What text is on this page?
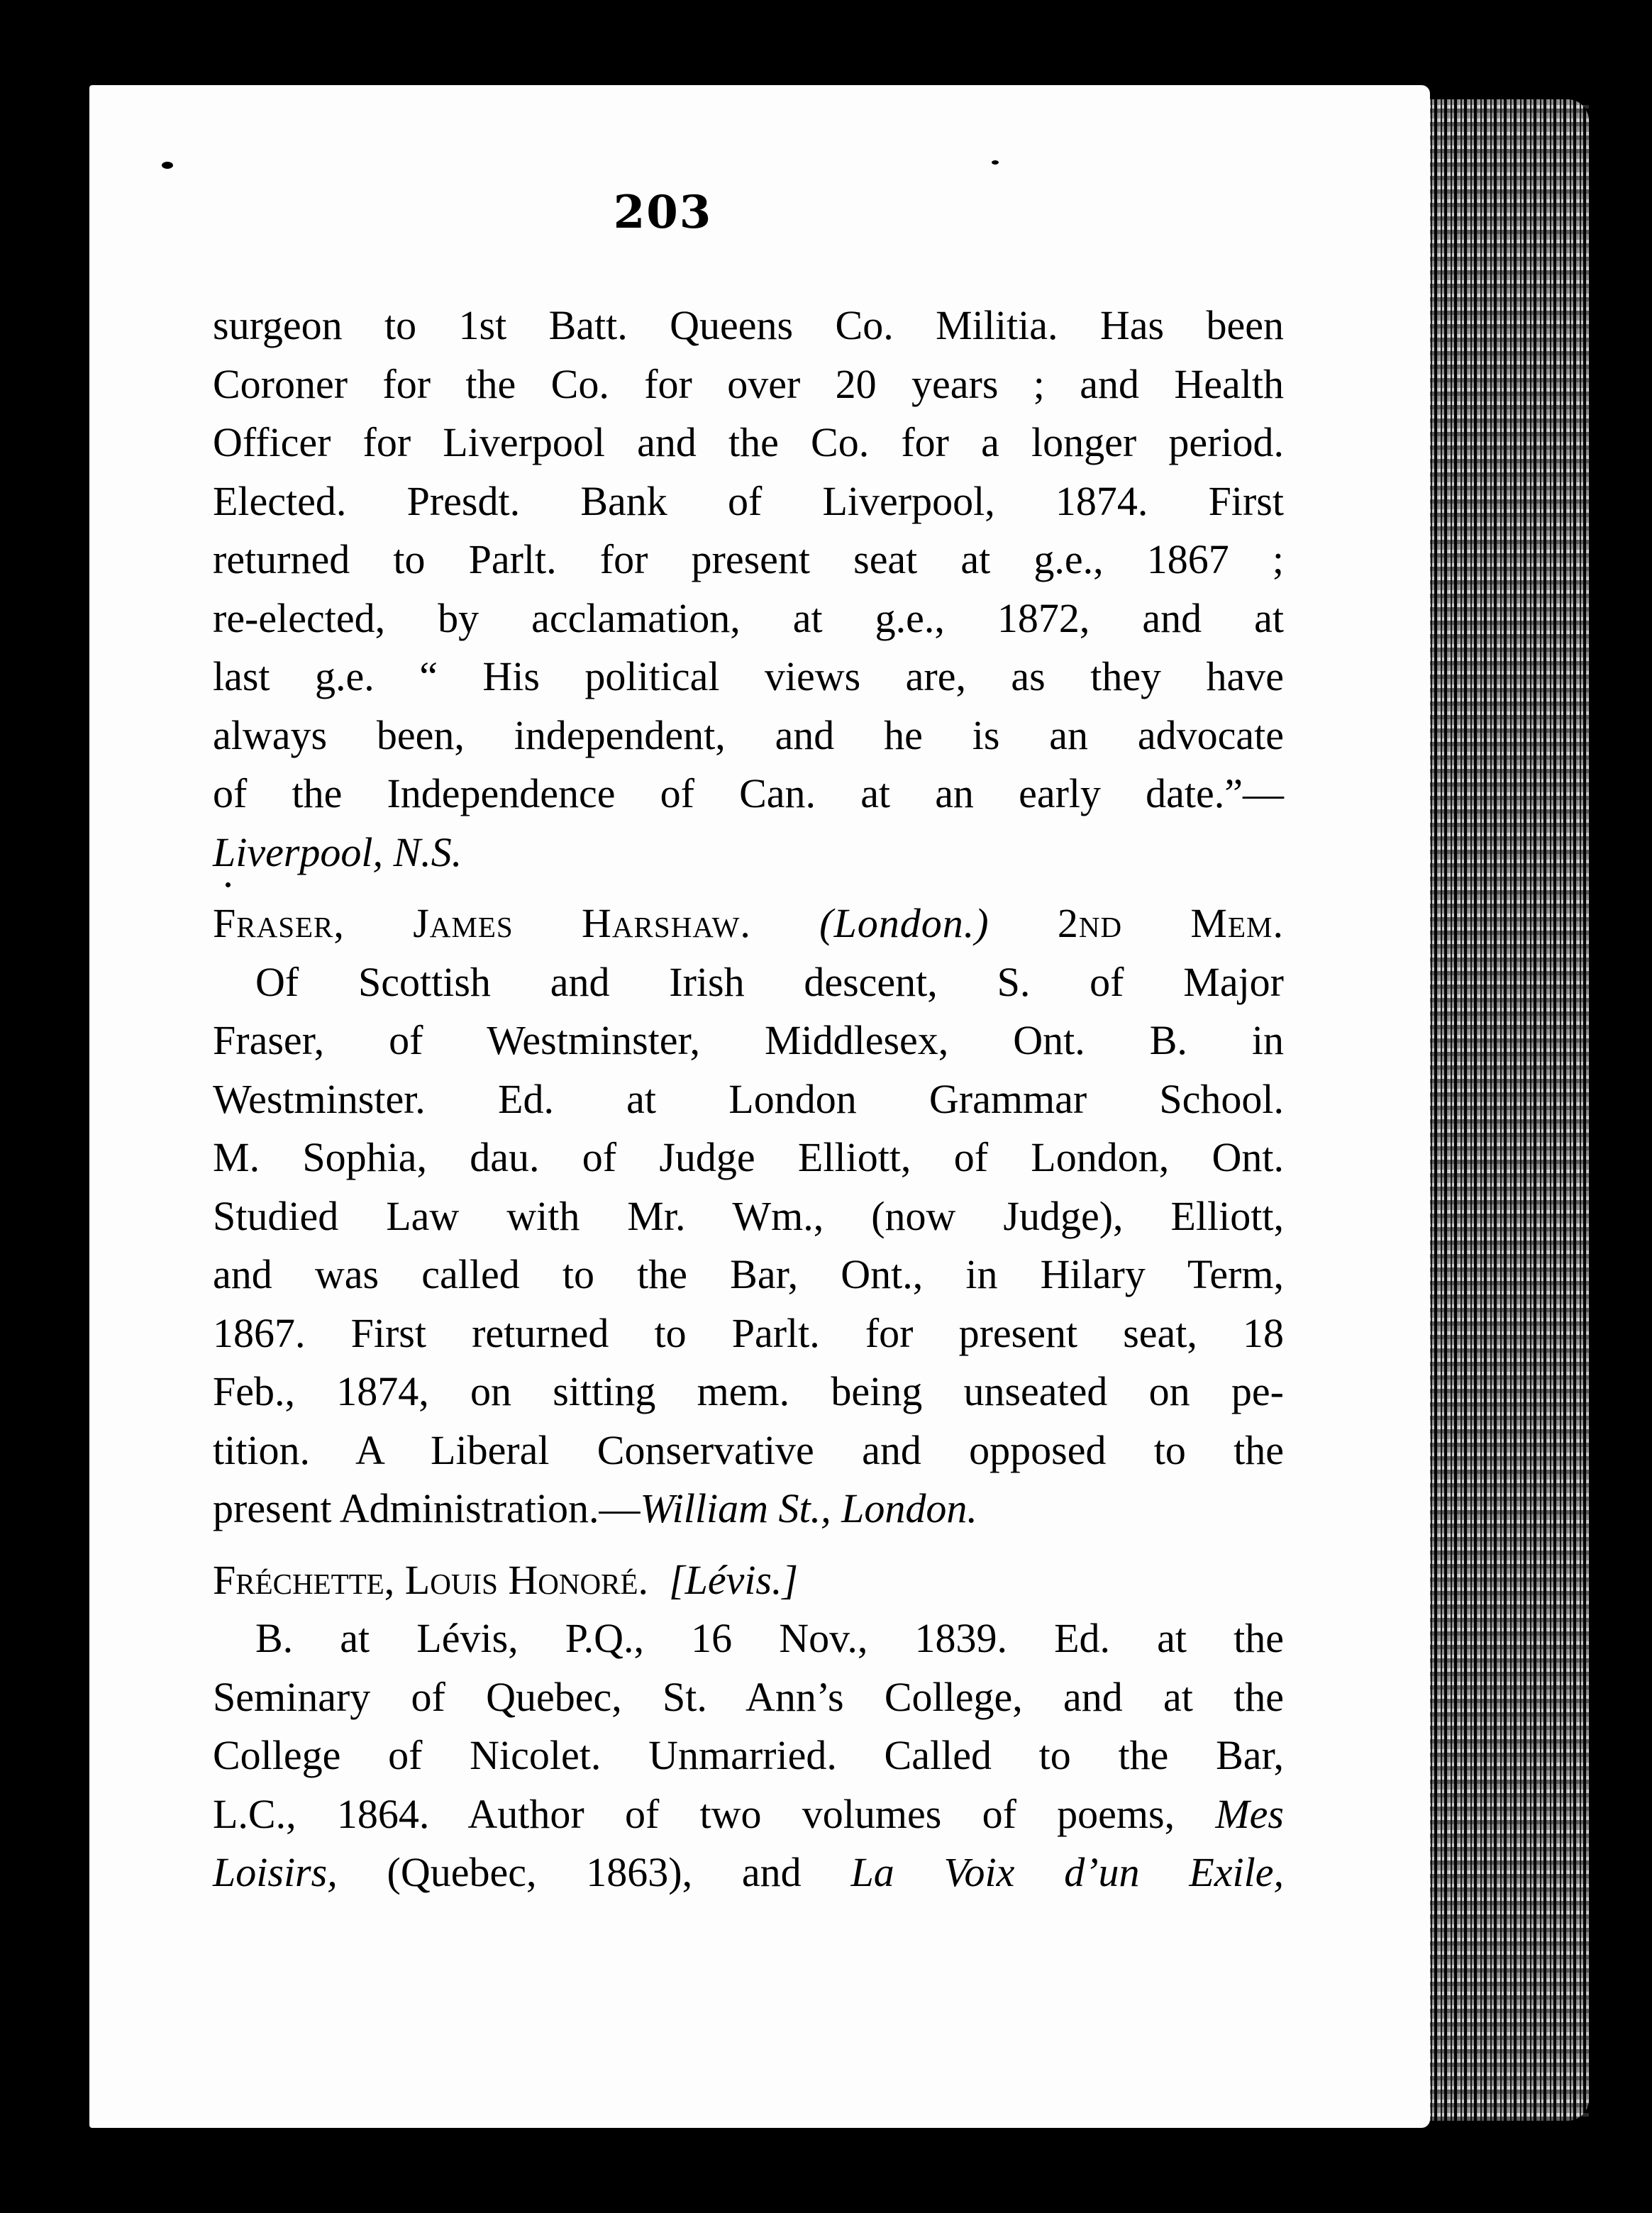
203
surgeon to 1st Batt. Queens Co. Militia. Has been
Coroner for the Co. for over 20 years ; and Health
Officer for Liverpool and the Co. for a longer period.
Elected. Presdt. Bank of Liverpool, 1874. First
returned to Parlt. for present seat at g.e., 1867 ;
re-elected, by acclamation, at g.e., 1872, and at
last g.e. “ His political views are, as they have
always been, independent, and he is an advocate
of the Independence of Can. at an early date.”—
Liverpool, N.S.
Fraser, James Harshaw. (London.) 2nd Mem.
Of Scottish and Irish descent, S. of Major
Fraser, of Westminster, Middlesex, Ont. B. in
Westminster. Ed. at London Grammar School.
M. Sophia, dau. of Judge Elliott, of London, Ont.
Studied Law with Mr. Wm., (now Judge), Elliott,
and was called to the Bar, Ont., in Hilary Term,
1867. First returned to Parlt. for present seat, 18
Feb., 1874, on sitting mem. being unseated on pe-
tition. A Liberal Conservative and opposed to the
present Administration.—William St., London.
Fréchette, Louis Honoré. [Lévis.]
B. at Lévis, P.Q., 16 Nov., 1839. Ed. at the
Seminary of Quebec, St. Ann’s College, and at the
College of Nicolet. Unmarried. Called to the Bar,
L.C., 1864. Author of two volumes of poems, Mes
Loisirs, (Quebec, 1863), and La Voix d’un Exile,
